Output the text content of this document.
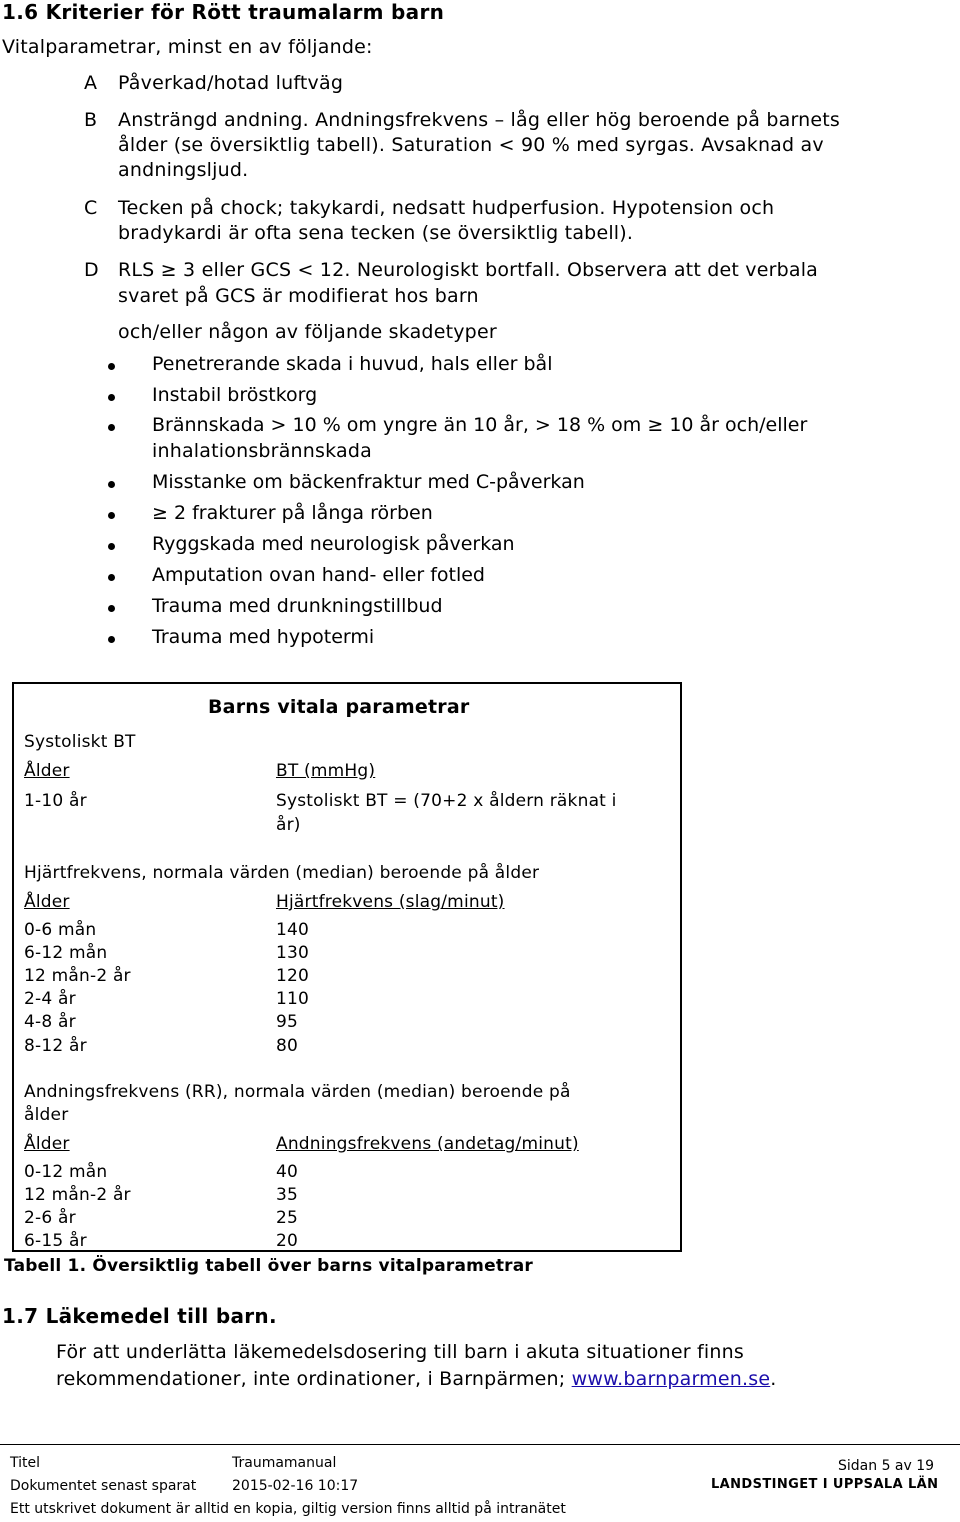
1.6 Kriterier för Rött traumalarm barn
Vitalparametrar, minst en av följande:
A Påverkad/hotad luftväg
B Ansträngd andning. Andningsfrekvens – låg eller hög beroende på barnets
ålder (se översiktlig tabell). Saturation < 90 % med syrgas. Avsaknad av
andningsljud.
C Tecken på chock; takykardi, nedsatt hudperfusion. Hypotension och
bradykardi är ofta sena tecken (se översiktlig tabell).
D RLS ≥ 3 eller GCS < 12. Neurologiskt bortfall. Observera att det verbala
svaret på GCS är modifierat hos barn
och/eller någon av följande skadetyper
Penetrerande skada i huvud, hals eller bål
Instabil bröstkorg
Brännskada > 10 % om yngre än 10 år, > 18 % om ≥ 10 år och/eller
inhalationsbrännskada
Misstanke om bäckenfraktur med C-påverkan
≥ 2 frakturer på långa rörben
Ryggskada med neurologisk påverkan
Amputation ovan hand- eller fotled
Trauma med drunkningstillbud
Trauma med hypotermi
Barns vitala parametrar
Systoliskt BT
Ålder	BT (mmHg)
1-10 år	Systoliskt BT = (70+2 x åldern räknat i
år)
Hjärtfrekvens, normala värden (median) beroende på ålder
Ålder	Hjärtfrekvens (slag/minut)
0-6 mån	140
6-12 mån	130
12 mån-2 år	120
2-4 år	110
4-8 år	95
8-12 år	80
Andningsfrekvens (RR), normala värden (median) beroende på
ålder
Ålder	Andningsfrekvens (andetag/minut)
0-12 mån	40
12 mån-2 år	35
2-6 år	25
6-15 år	20
Tabell 1. Översiktlig tabell över barns vitalparametrar
1.7 Läkemedel till barn.
För att underlätta läkemedelsdosering till barn i akuta situationer finns
rekommendationer, inte ordinationer, i Barnpärmen; www.barnparmen.se.
Titel	Traumamanual	Sidan 5 av 19
Dokumentet senast sparat	2015-02-16 10:17	LANDSTINGET I UPPSALA LÄN
Ett utskrivet dokument är alltid en kopia, giltig version finns alltid på intranätet
